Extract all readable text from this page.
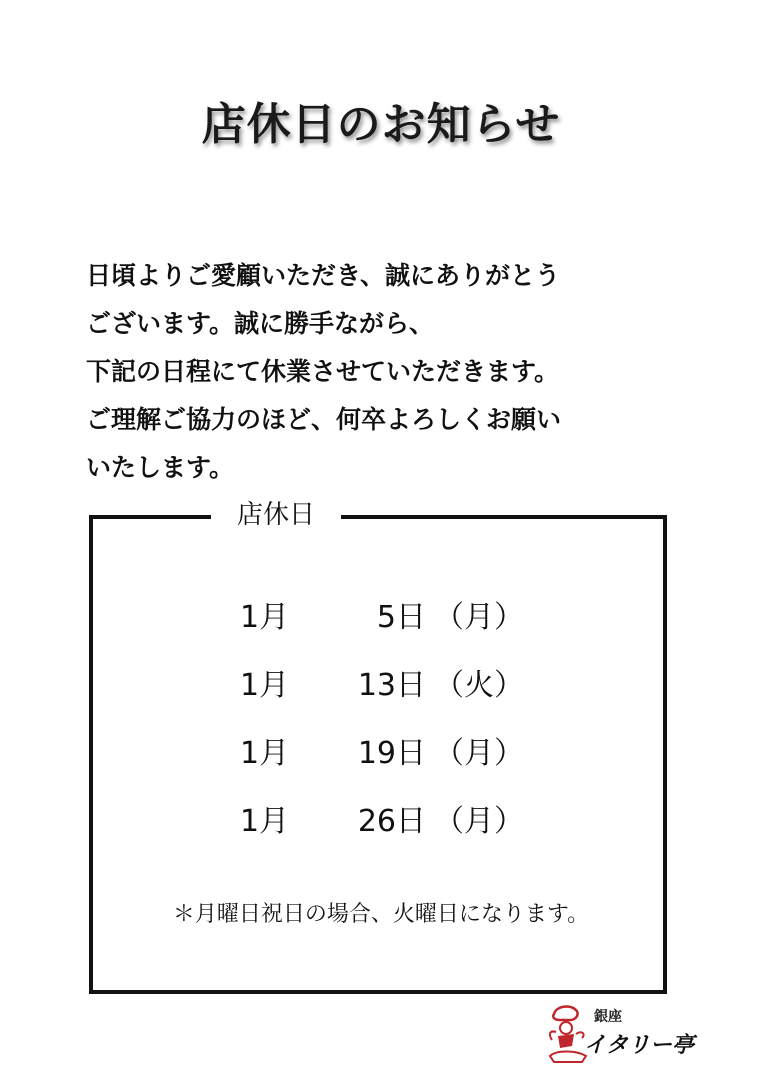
店休日のお知らせ
日頃よりご愛顧いただき、誠にありがとう
ございます。誠に勝手ながら、
下記の日程にて休業させていただきます。
ご理解ご協力のほど、何卒よろしくお願い
いたします。
店休日
1月	5日 （月）
1月	13日 （火）
1月	19日 （月）
1月	26日 （月）
＊月曜日祝日の場合、火曜日になります。
銀座
イタリー亭
